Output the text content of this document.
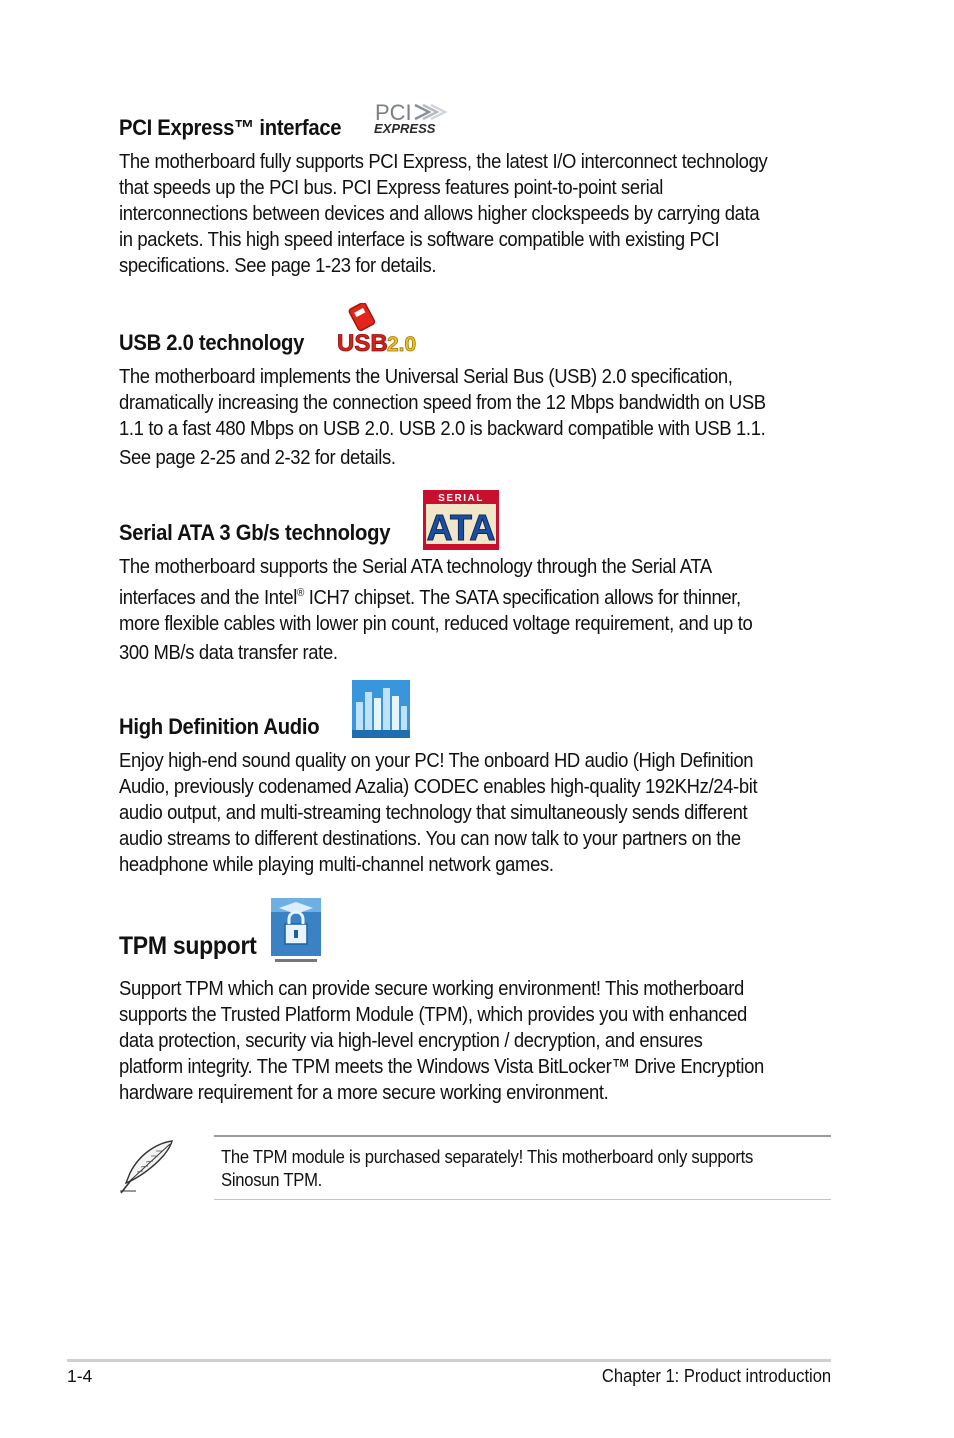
PCI Express™ interface
PCI
EXPRESS
The motherboard fully supports PCI Express, the latest I/O interconnect technology
that speeds up the PCI bus. PCI Express features point-to-point serial
interconnections between devices and allows higher clockspeeds by carrying data
in packets. This high speed interface is software compatible with existing PCI
specifications. See page 1-23 for details.
USB 2.0 technology USB 2.0
The motherboard implements the Universal Serial Bus (USB) 2.0 specification,
dramatically increasing the connection speed from the 12 Mbps bandwidth on USB
1.1 to a fast 480 Mbps on USB 2.0. USB 2.0 is backward compatible with USB 1.1.
See page 2-25 and 2-32 for details.
Serial ATA 3 Gb/s technology
SERIAL
ATA
The motherboard supports the Serial ATA technology through the Serial ATA
interfaces and the Intel® ICH7 chipset. The SATA specification allows for thinner,
more flexible cables with lower pin count, reduced voltage requirement, and up to
300 MB/s data transfer rate.
High Definition Audio
Enjoy high-end sound quality on your PC! The onboard HD audio (High Definition
Audio, previously codenamed Azalia) CODEC enables high-quality 192KHz/24-bit
audio output, and multi-streaming technology that simultaneously sends different
audio streams to different destinations. You can now talk to your partners on the
headphone while playing multi-channel network games.
TPM support
Support TPM which can provide secure working environment! This motherboard
supports the Trusted Platform Module (TPM), which provides you with enhanced
data protection, security via high-level encryption / decryption, and ensures
platform integrity. The TPM meets the Windows Vista BitLocker™ Drive Encryption
hardware requirement for a more secure working environment.
The TPM module is purchased separately! This motherboard only supports
Sinosun TPM.
1-4	Chapter 1: Product introduction
